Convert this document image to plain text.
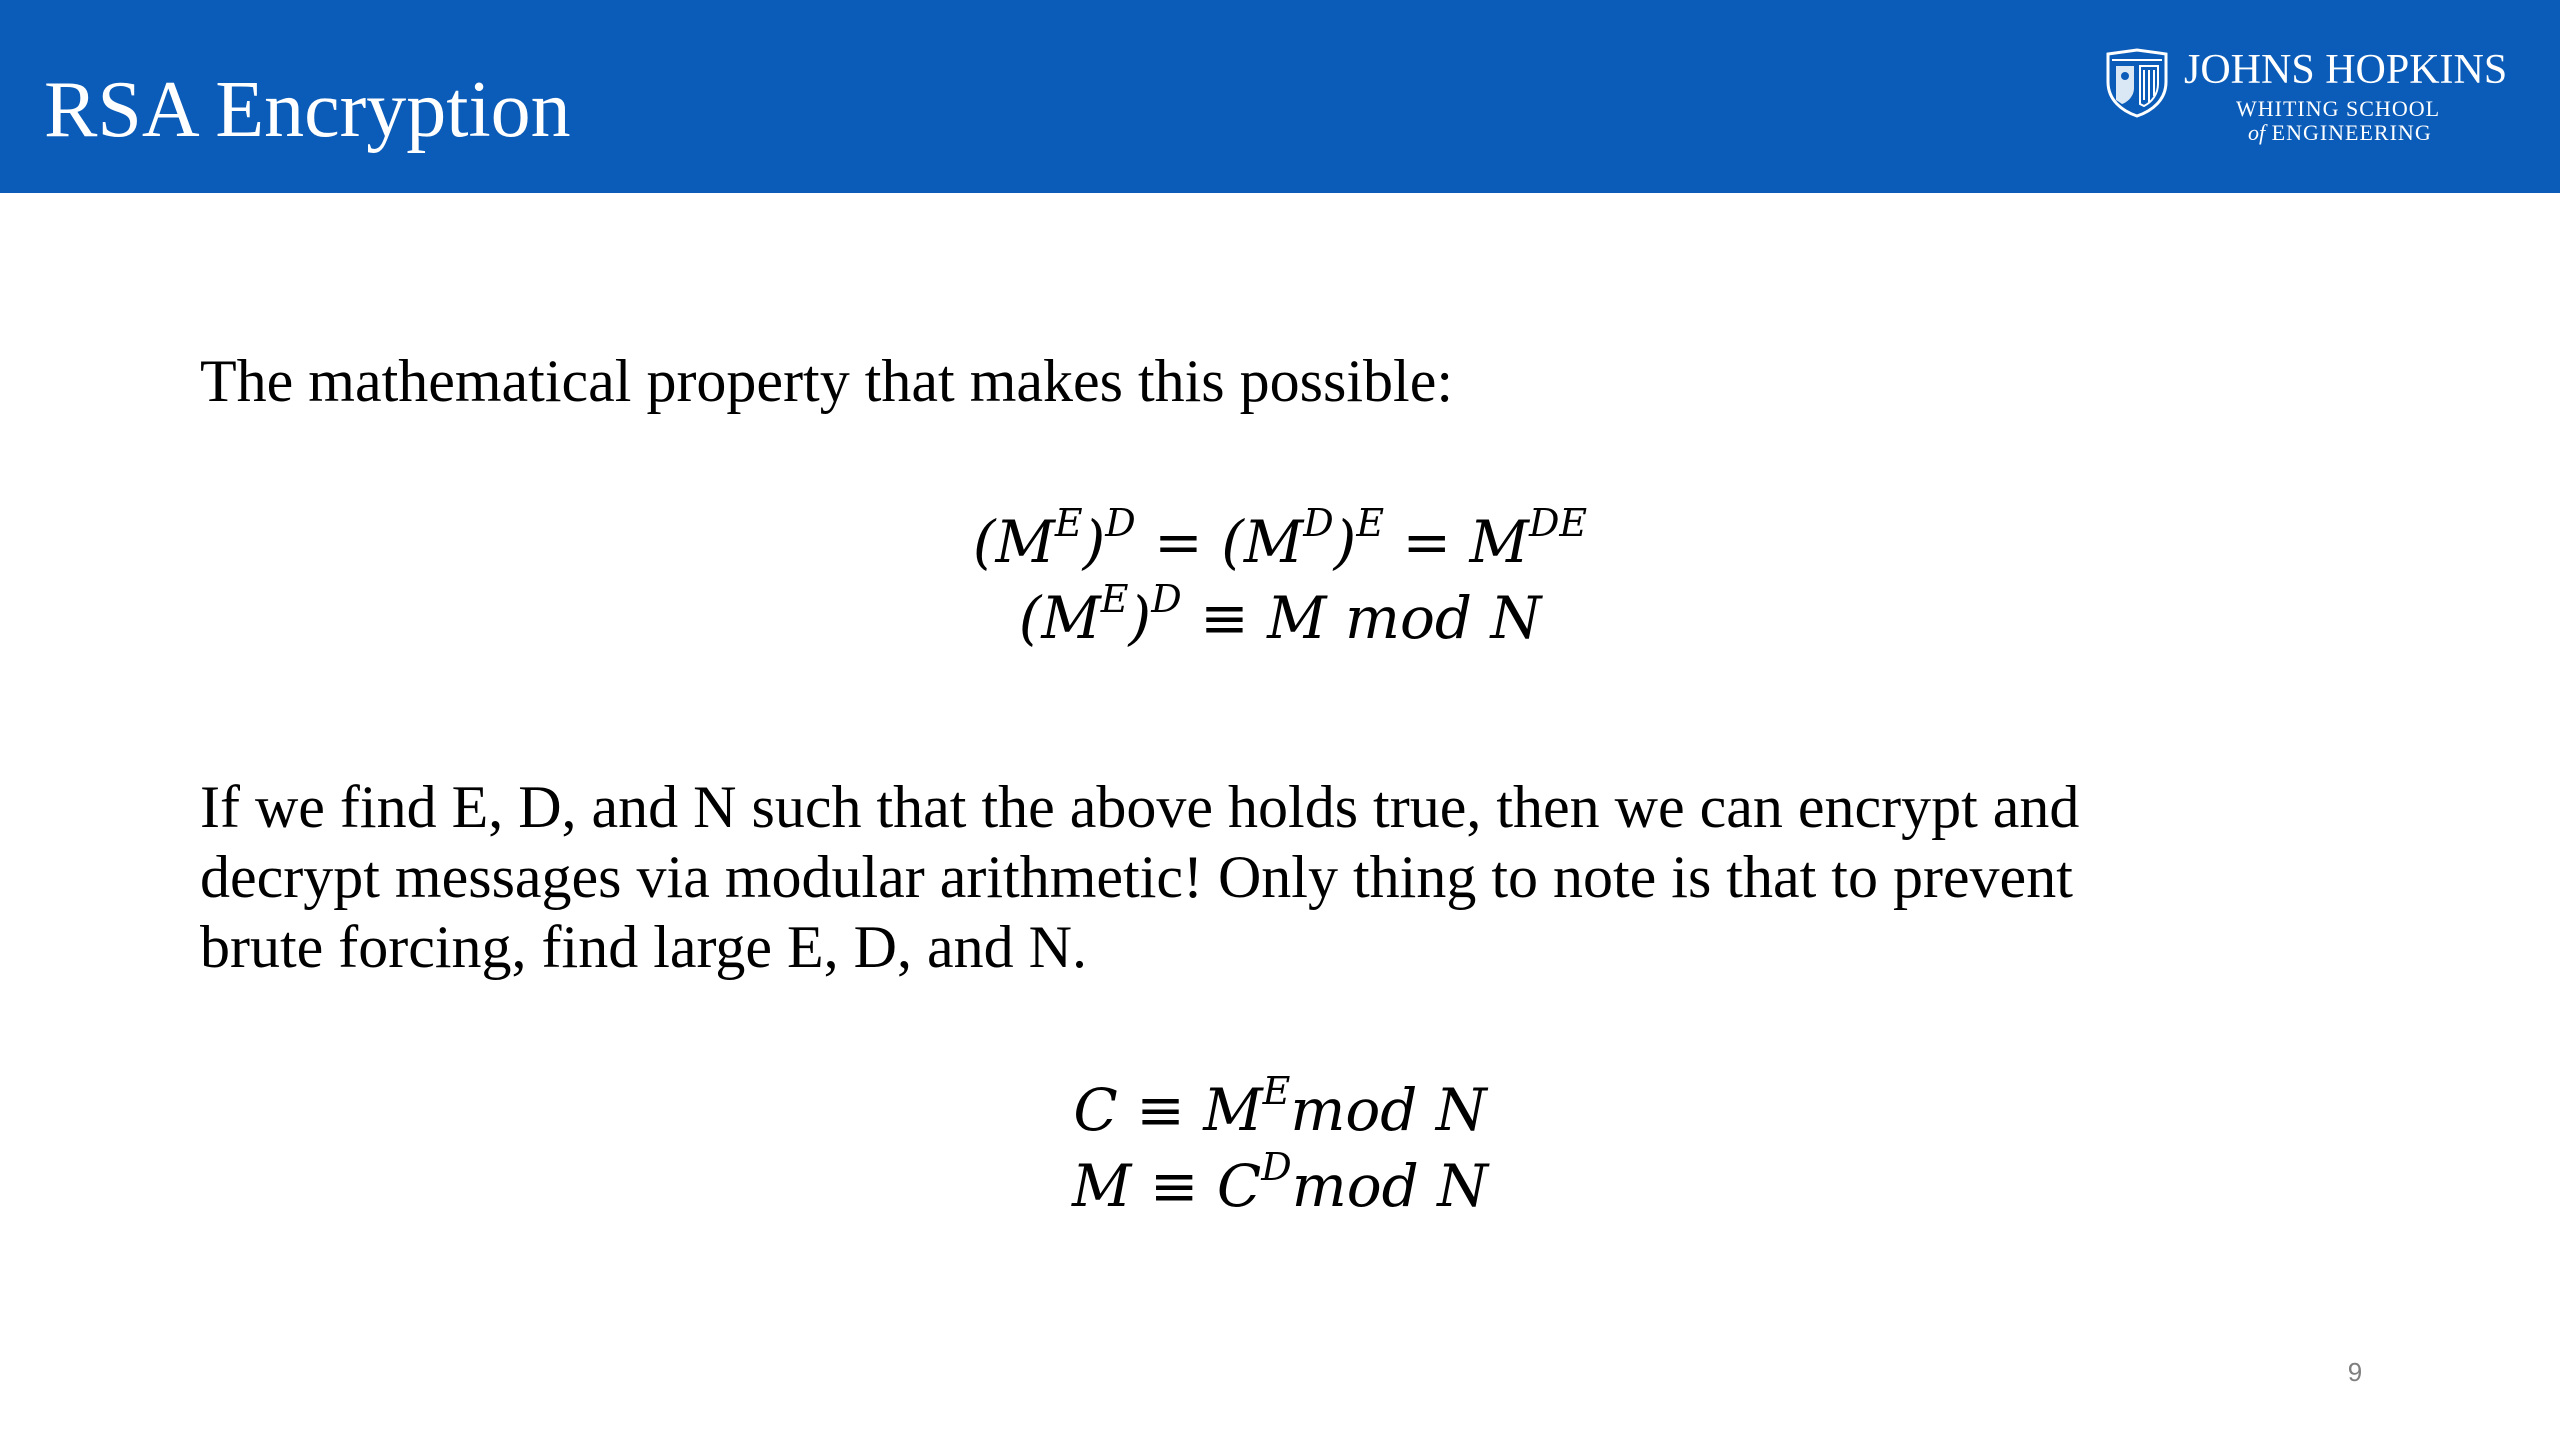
RSA Encryption	JOHNS HOPKINS
WHITING SCHOOL
of ENGINEERING
The mathematical property that makes this possible:
$(M^E)^D = (M^D)^E = MDE$
$(M^E)^D \equiv M$ mod N
If we find E, D, and N such that the above holds true, then we can encrypt and
decrypt messages via modular arithmetic! Only thing to note is that to prevent
brute forcing, find large E, D, and N.
$C \equiv M^Emod$ N
$M \equiv C^Dmod$ N
9
